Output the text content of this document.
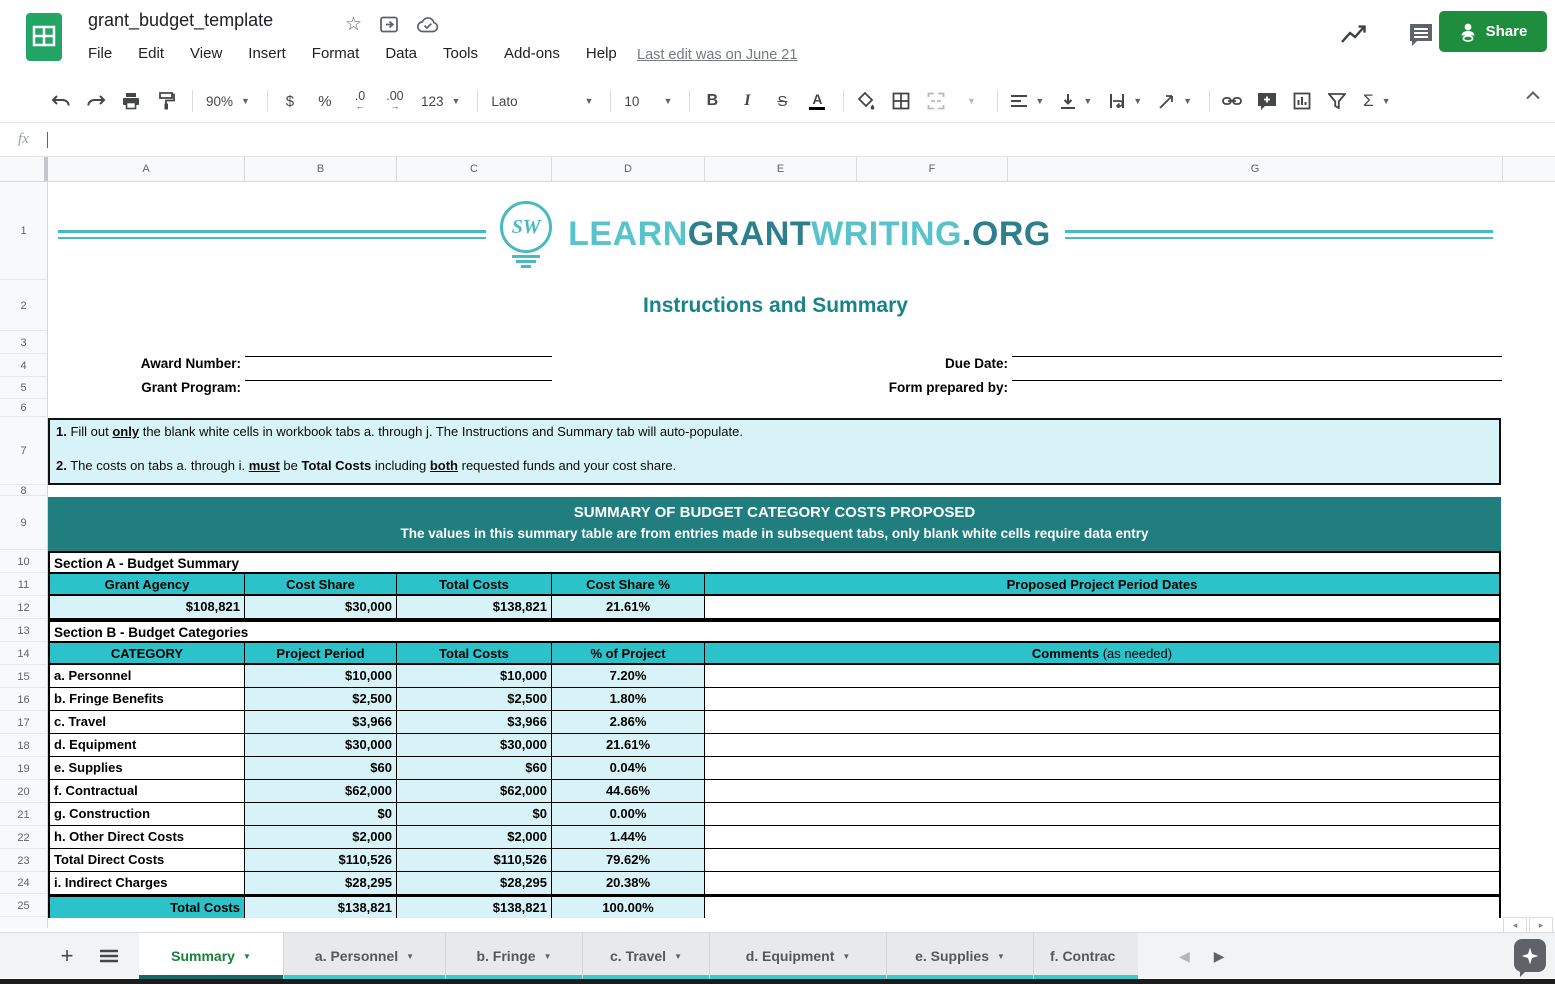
grant_budget_template	☆
File Edit View Insert Format Data Tools Add-ons Help Last edit was on June 21
Share
90% ▼	$	%	.0
←
.00
→ 123 ▼ Lato	▼ 10	▼	B	I	S	A	▼	▼	▼	▼	▼	Σ ▼
fx
A	B	C	D	E	F	G
1
2
3
4
5
6
7
8
9
10
11
12
13
14
15
16
17
18
19
20
21
22
23
24
25
SW LEARNGRANTWRITING.ORG
Instructions and Summary
Award Number:
Grant Program:
Due Date:
Form prepared by:

1. Fill out only the blank white cells in workbook tabs a. through j. The Instructions and Summary tab will auto-populate.

2. The costs on tabs a. through i. must be Total Costs including both requested funds and your cost share.

SUMMARY OF BUDGET CATEGORY COSTS PROPOSED
The values in this summary table are from entries made in subsequent tabs, only blank white cells require data entry
Section A - Budget Summary
Grant Agency	Cost Share	Total Costs	Cost Share %	Proposed Project Period Dates
$108,821	$30,000	$138,821	21.61%
Section B - Budget Categories
CATEGORY	Project Period	Total Costs	% of Project	Comments (as needed)
a. Personnel	$10,000	$10,000	7.20%
b. Fringe Benefits	$2,500	$2,500	1.80%
c. Travel	$3,966	$3,966	2.86%
d. Equipment	$30,000	$30,000	21.61%
e. Supplies	$60	$60	0.04%
f. Contractual	$62,000	$62,000	44.66%
g. Construction	$0	$0	0.00%
h. Other Direct Costs	$2,000	$2,000	1.44%
Total Direct Costs	$110,526	$110,526	79.62%
i. Indirect Charges	$28,295	$28,295	20.38%
Total Costs	$138,821	$138,821	100.00%
◂	▸
+	Summary ▼	a. Personnel ▼	b. Fringe ▼	c. Travel ▼	d. Equipment ▼	e. Supplies ▼	f. Contrac	◀ ▶
